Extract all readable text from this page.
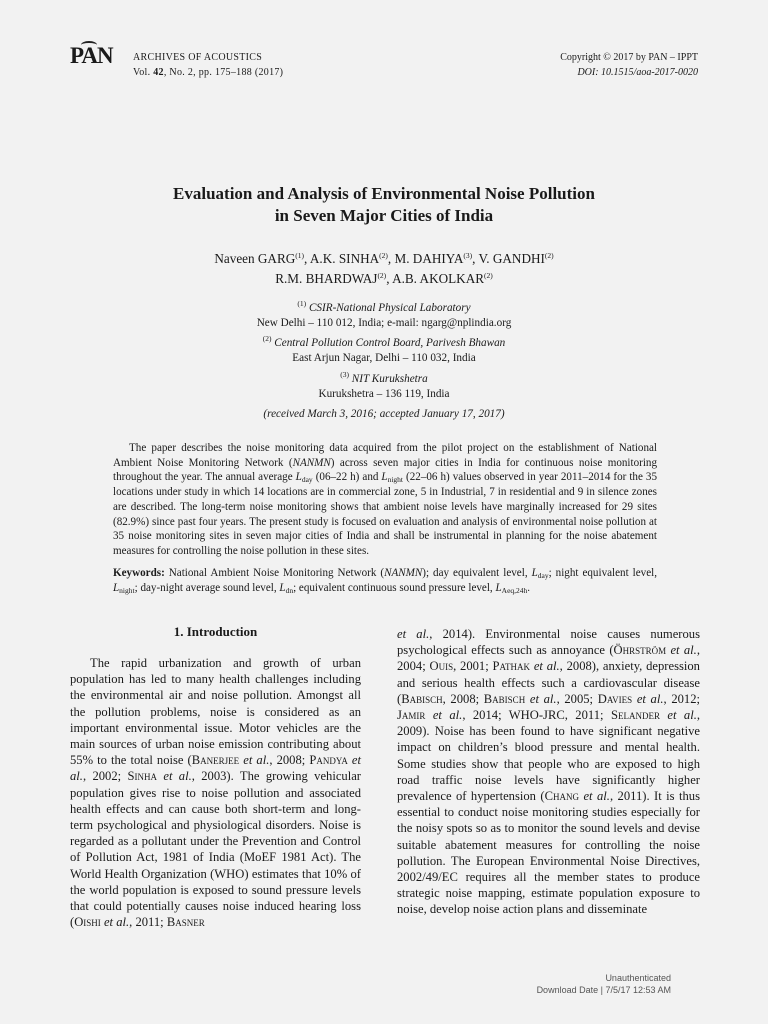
PAN ARCHIVES OF ACOUSTICS
Vol. 42, No. 2, pp. 175–188 (2017)
Copyright © 2017 by PAN – IPPT
DOI: 10.1515/aoa-2017-0020
Evaluation and Analysis of Environmental Noise Pollution
in Seven Major Cities of India
Naveen GARG$^{(1)}$, A.K. SINHA$^{(2)}$, M. DAHIYA$^{(3)}$, V. GANDHI$^{(2)}$
R.M. BHARDWAJ$^{(2)}$, A.B. AKOLKAR$^{(2)}$
$^{(1)}$ CSIR-National Physical Laboratory
New Delhi – 110 012, India; e-mail: ngarg@nplindia.org
$^{(2)}$ Central Pollution Control Board, Parivesh Bhawan
East Arjun Nagar, Delhi – 110 032, India
$^{(3)}$ NIT Kurukshetra
Kurukshetra – 136 119, India
(received March 3, 2016; accepted January 17, 2017)

The paper describes the noise monitoring data acquired from the pilot project on the establishment of National Ambient Noise Monitoring Network (NANMN) across seven major cities in India for continuous noise monitoring throughout the year. The annual average $L_{day}$ (06–22 h) and $L_{night}$ (22–06 h) values observed in year 2011–2014 for the 35 locations under study in which 14 locations are in commercial zone, 5 in Industrial, 7 in residential and 9 in silence zones are described. The long-term noise monitoring shows that ambient noise levels have marginally increased for 29 sites (82.9%) since past four years. The present study is focused on evaluation and analysis of environmental noise pollution at 35 noise monitoring sites in seven major cities of India and shall be instrumental in planning for the noise abatement measures for controlling the noise pollution in these sites.

Keywords: National Ambient Noise Monitoring Network (NANMN); day equivalent level, $L_{day}$; night equivalent level, $L_{night}$; day-night average sound level, $L_{dn}$; equivalent continuous sound pressure level, $L_{Aeq,24h}$.

1. Introduction

The rapid urbanization and growth of urban population has led to many health challenges including the environmental air and noise pollution. Amongst all the pollution problems, noise is considered as an important environmental issue. Motor vehicles are the main sources of urban noise emission contributing about 55% to the total noise (Banerjee et al., 2008; Pandya et al., 2002; Sinha et al., 2003). The growing vehicular population gives rise to noise pollution and associated health effects and can cause both short-term and long-term psychological and physiological disorders. Noise is regarded as a pollutant under the Prevention and Control of Pollution Act, 1981 of India (MoEF 1981 Act). The World Health Organization (WHO) estimates that 10% of the world population is exposed to sound pressure levels that could potentially causes noise induced hearing loss (Oishi et al., 2011; Basner

et al., 2014). Environmental noise causes numerous psychological effects such as annoyance (Öhrström et al., 2004; Ouis, 2001; Pathak et al., 2008), anxiety, depression and serious health effects such a cardiovascular disease (Babisch, 2008; Babisch et al., 2005; Davies et al., 2012; Jamir et al., 2014; WHO-JRC, 2011; Selander et al., 2009). Noise has been found to have significant negative impact on children’s blood pressure and mental health. Some studies show that people who are exposed to high road traffic noise levels have significantly higher prevalence of hypertension (Chang et al., 2011). It is thus essential to conduct noise monitoring studies especially for the noisy spots so as to monitor the sound levels and devise suitable abatement measures for controlling the noise pollution. The European Environmental Noise Directives, 2002/49/EC requires all the member states to produce strategic noise mapping, estimate population exposure to noise, develop noise action plans and disseminate

Unauthenticated
Download Date | 7/5/17 12:53 AM
